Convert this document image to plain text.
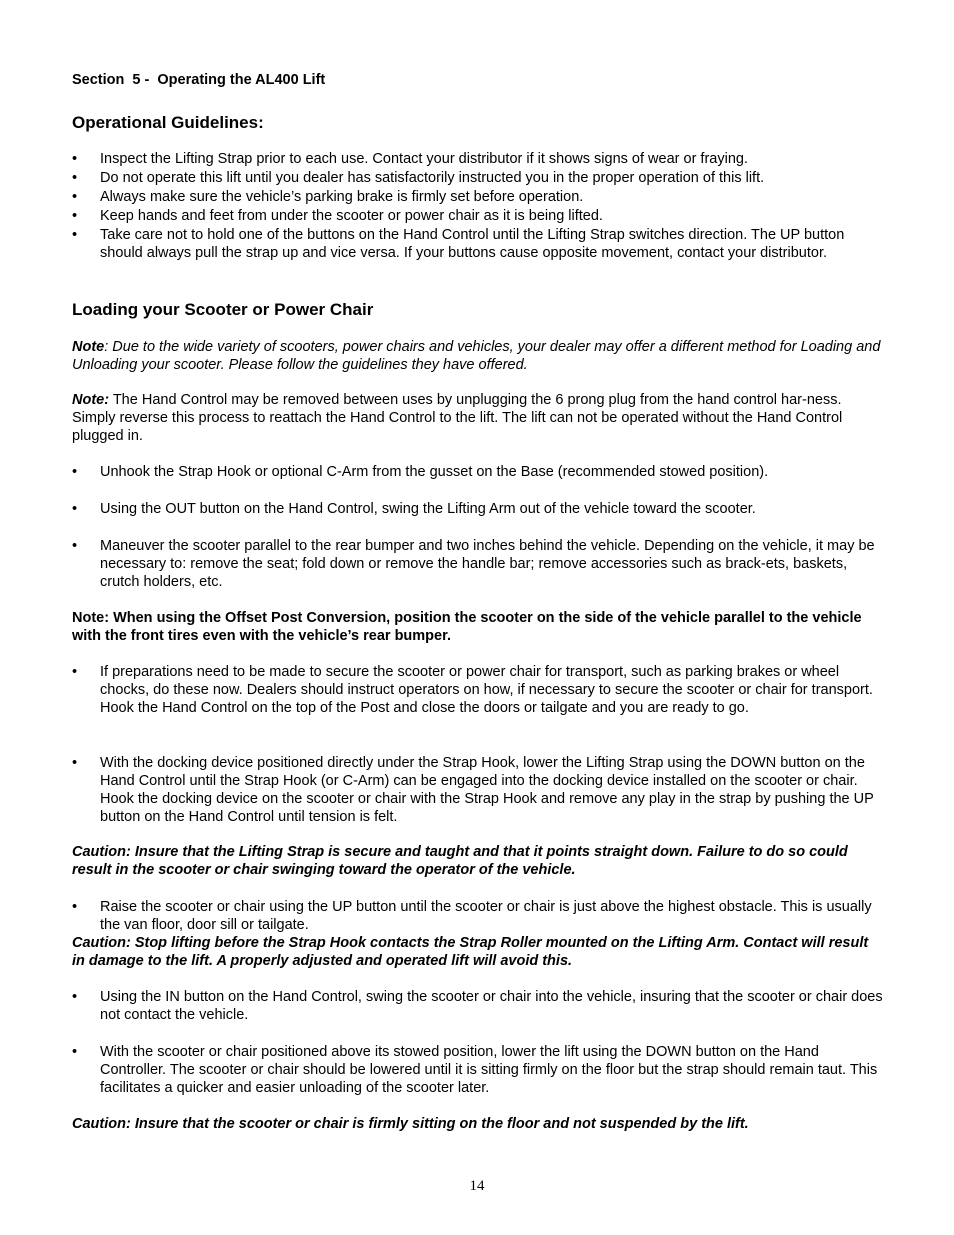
Section  5 -  Operating the AL400 Lift
Operational Guidelines:
•	Inspect the Lifting Strap prior to each use. Contact your distributor if it shows signs of wear or fraying.
•	Do not operate this lift until you dealer has satisfactorily instructed you in the proper operation of this lift.
•	Always make sure the vehicle’s parking brake is firmly set before operation.
•	Keep hands and feet from under the scooter or power chair as it is being lifted.
•	Take care not to hold one of the buttons on the Hand Control until the Lifting Strap switches direction. The UP button should always pull the strap up and vice versa. If your buttons cause opposite movement, contact your distributor.
Loading your Scooter or Power Chair
Note: Due to the wide variety of scooters, power chairs and vehicles, your dealer may offer a different method for Loading and Unloading your scooter. Please follow the guidelines they have offered.
Note: The Hand Control may be removed between uses by unplugging the 6 prong plug from the hand control har-ness. Simply reverse this process to reattach the Hand Control to the lift. The lift can not be operated without the Hand Control plugged in.
•	Unhook the Strap Hook or optional C-Arm from the gusset on the Base (recommended stowed position).
•	Using the OUT button on the Hand Control, swing the Lifting Arm out of the vehicle toward the scooter.
•	Maneuver the scooter parallel to the rear bumper and two inches behind the vehicle. Depending on the vehicle, it may be necessary to: remove the seat; fold down or remove the handle bar; remove accessories such as brack-ets, baskets, crutch holders, etc.
Note: When using the Offset Post Conversion, position the scooter on the side of the vehicle parallel to the vehicle with the front tires even with the vehicle’s rear bumper.
•	If preparations need to be made to secure the scooter or power chair for transport, such as parking brakes or wheel chocks, do these now. Dealers should instruct operators on how, if necessary to secure the scooter or chair for transport. Hook the Hand Control on the top of the Post and close the doors or tailgate and you are ready to go.
•	With the docking device positioned directly under the Strap Hook, lower the Lifting Strap using the DOWN button on the Hand Control until the Strap Hook (or C-Arm) can be engaged into the docking device installed on the scooter or chair. Hook the docking device on the scooter or chair with the Strap Hook and remove any play in the strap by pushing the UP button on the Hand Control until tension is felt.
Caution: Insure that the Lifting Strap is secure and taught and that it points straight down. Failure to do so could result in the scooter or chair swinging toward the operator of the vehicle.
•	Raise the scooter or chair using the UP button until the scooter or chair is just above the highest obstacle. This is usually the van floor, door sill or tailgate.
Caution: Stop lifting before the Strap Hook contacts the Strap Roller mounted on the Lifting Arm. Contact will result in damage to the lift. A properly adjusted and operated lift will avoid this.
•	Using the IN button on the Hand Control, swing the scooter or chair into the vehicle, insuring that the scooter or chair does not contact the vehicle.
•	With the scooter or chair positioned above its stowed position, lower the lift using the DOWN button on the Hand Controller. The scooter or chair should be lowered until it is sitting firmly on the floor but the strap should remain taut. This facilitates a quicker and easier unloading of the scooter later.
Caution: Insure that the scooter or chair is firmly sitting on the floor and not suspended by the lift.
14
